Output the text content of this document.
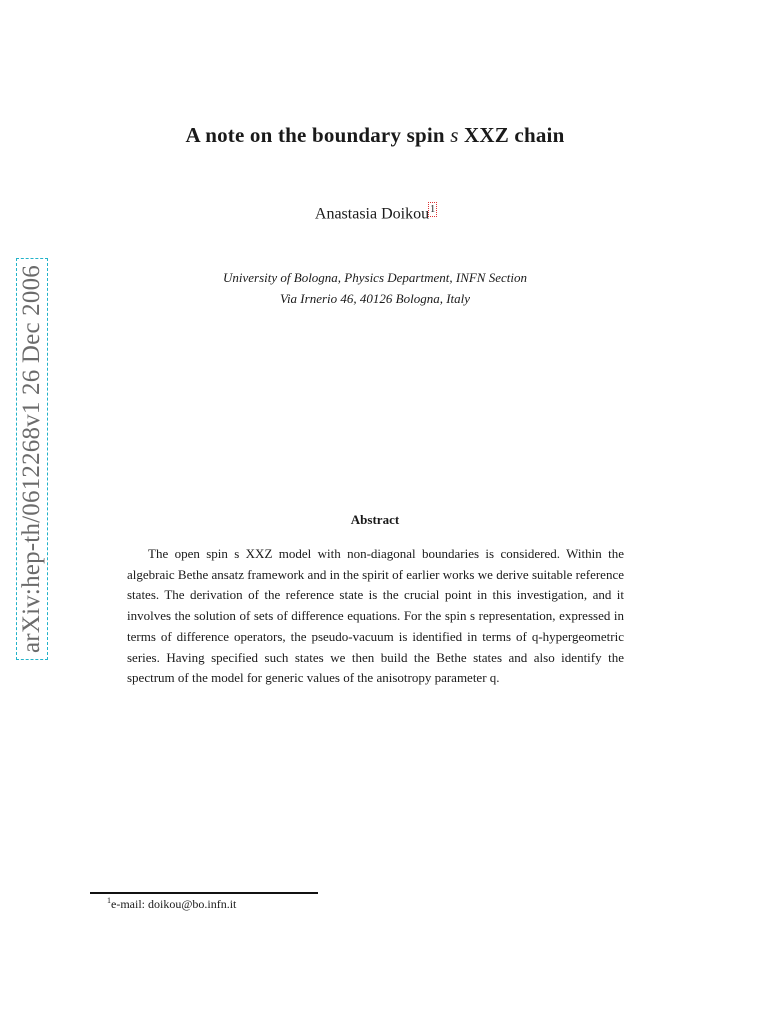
A note on the boundary spin s XXZ chain
Anastasia Doikou$^1$
University of Bologna, Physics Department, INFN Section
Via Irnerio 46, 40126 Bologna, Italy
arXiv:hep-th/0612268v1 26 Dec 2006	Abstract

The open spin s XXZ model with non-diagonal boundaries is considered. Within the algebraic Bethe ansatz framework and in the spirit of earlier works we derive suitable reference states. The derivation of the reference state is the crucial point in this investigation, and it involves the solution of sets of difference equations. For the spin s representation, expressed in terms of difference operators, the pseudo-vacuum is identified in terms of q-hypergeometric series. Having specified such states we then build the Bethe states and also identify the spectrum of the model for generic values of the anisotropy parameter q.

$^1$e-mail: doikou@bo.infn.it
